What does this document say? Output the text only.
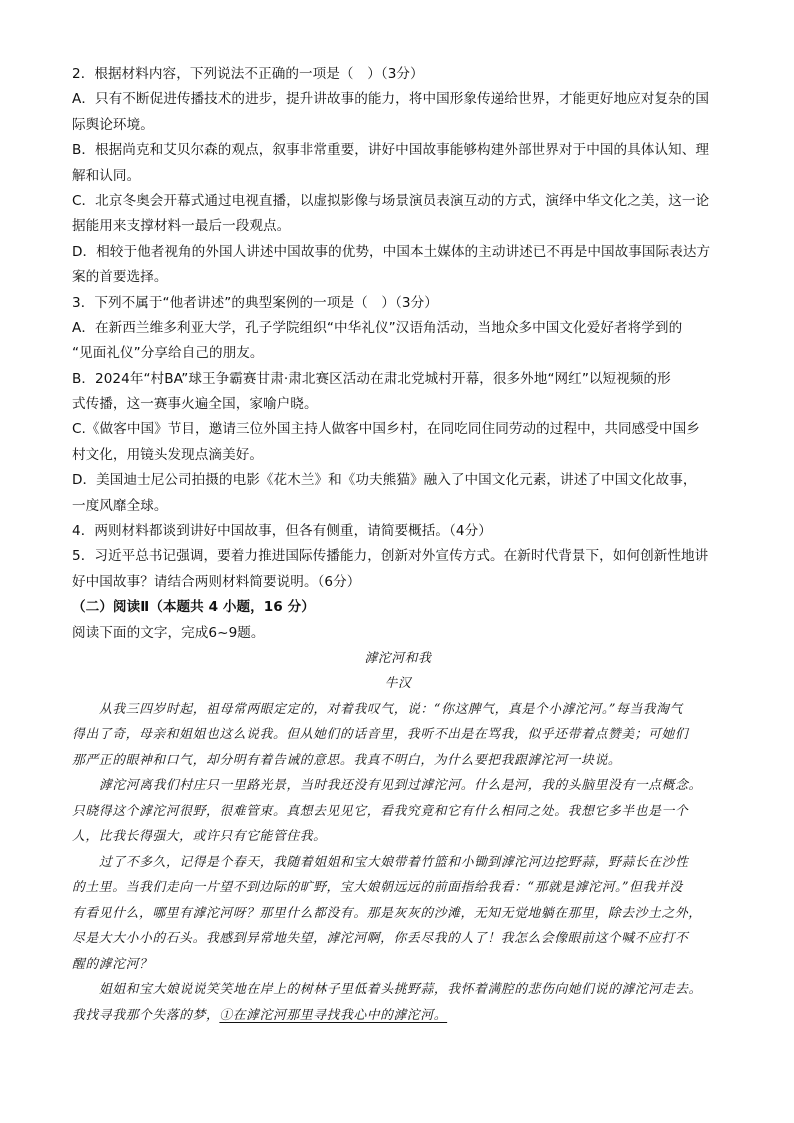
2．根据材料内容，下列说法不正确的一项是（　）（3分）
A．只有不断促进传播技术的进步，提升讲故事的能力，将中国形象传递给世界，才能更好地应对复杂的国
际舆论环境。
B．根据尚克和艾贝尔森的观点，叙事非常重要，讲好中国故事能够构建外部世界对于中国的具体认知、理
解和认同。
C．北京冬奥会开幕式通过电视直播，以虚拟影像与场景演员表演互动的方式，演绎中华文化之美，这一论
据能用来支撑材料一最后一段观点。
D．相较于他者视角的外国人讲述中国故事的优势，中国本土媒体的主动讲述已不再是中国故事国际表达方
案的首要选择。
3．下列不属于“他者讲述”的典型案例的一项是（　）（3分）
A．在新西兰维多利亚大学，孔子学院组织“中华礼仪”汉语角活动，当地众多中国文化爱好者将学到的
“见面礼仪”分享给自己的朋友。
B．2024年“村BA”球王争霸赛甘肃·肃北赛区活动在肃北党城村开幕，很多外地“网红”以短视频的形
式传播，这一赛事火遍全国，家喻户晓。
C.《做客中国》节目，邀请三位外国主持人做客中国乡村，在同吃同住同劳动的过程中，共同感受中国乡
村文化，用镜头发现点滴美好。
D．美国迪士尼公司拍摄的电影《花木兰》和《功夫熊猫》融入了中国文化元素，讲述了中国文化故事，
一度风靡全球。
4．两则材料都谈到讲好中国故事，但各有侧重，请简要概括。（4分）
5．习近平总书记强调，要着力推进国际传播能力，创新对外宣传方式。在新时代背景下，如何创新性地讲
好中国故事？请结合两则材料简要说明。（6分）
（二）阅读Ⅱ（本题共 4 小题，16 分）
阅读下面的文字，完成6~9题。
滹沱河和我
牛汉
从我三四岁时起，祖母常两眼定定的，对着我叹气，说：“你这脾气，真是个小滹沱河。”每当我淘气
得出了奇，母亲和姐姐也这么说我。但从她们的话音里，我听不出是在骂我，似乎还带着点赞美；可她们
那严正的眼神和口气，却分明有着告诫的意思。我真不明白，为什么要把我跟滹沱河一块说。
滹沱河离我们村庄只一里路光景，当时我还没有见到过滹沱河。什么是河，我的头脑里没有一点概念。
只晓得这个滹沱河很野，很难管束。真想去见见它，看我究竟和它有什么相同之处。我想它多半也是一个
人，比我长得强大，或许只有它能管住我。
过了不多久，记得是个春天，我随着姐姐和宝大娘带着竹篮和小锄到滹沱河边挖野蒜，野蒜长在沙性
的土里。当我们走向一片望不到边际的旷野，宝大娘朝远远的前面指给我看：“那就是滹沱河。”但我并没
有看见什么，哪里有滹沱河呀？那里什么都没有。那是灰灰的沙滩，无知无觉地躺在那里，除去沙土之外，
尽是大大小小的石头。我感到异常地失望，滹沱河啊，你丢尽我的人了！我怎么会像眼前这个喊不应打不
醒的滹沱河？
姐姐和宝大娘说说笑笑地在岸上的树林子里低着头挑野蒜，我怀着满腔的悲伤向她们说的滹沱河走去。
我找寻我那个失落的梦，①在滹沱河那里寻找我心中的滹沱河。
